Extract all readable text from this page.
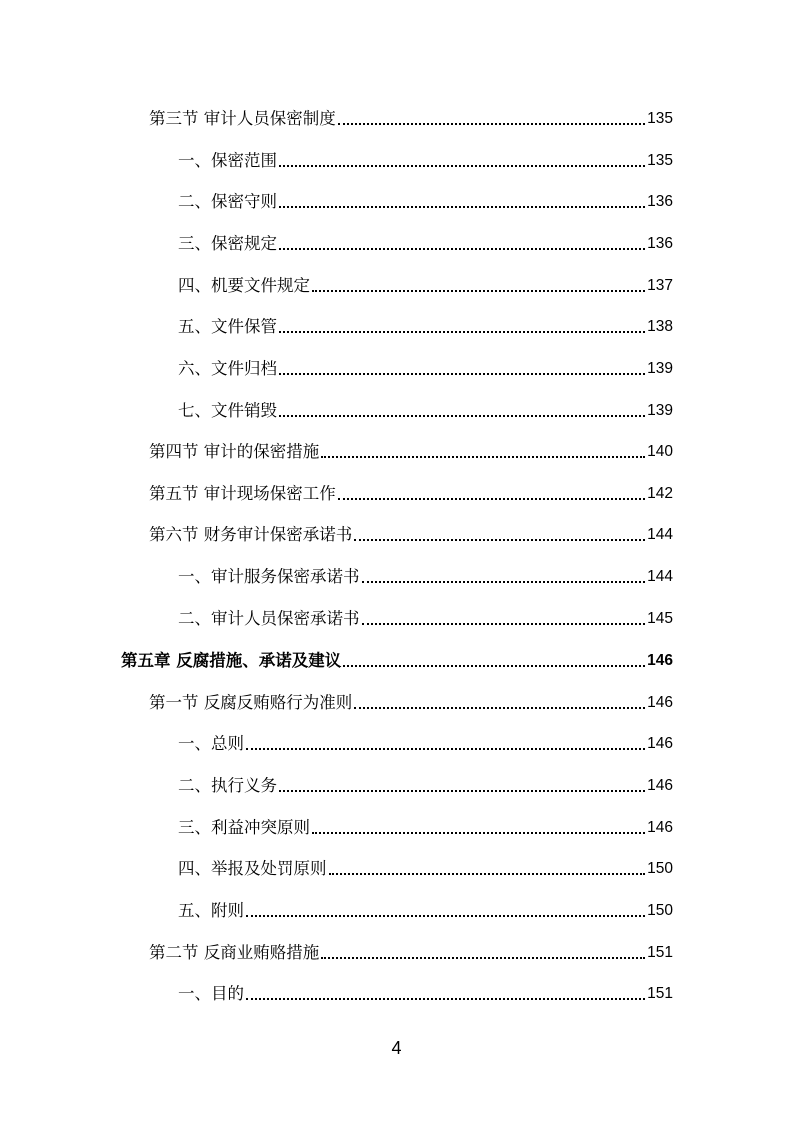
第三节 审计人员保密制度	135
一、保密范围	135
二、保密守则	136
三、保密规定	136
四、机要文件规定	137
五、文件保管	138
六、文件归档	139
七、文件销毁	139
第四节 审计的保密措施	140
第五节 审计现场保密工作	142
第六节 财务审计保密承诺书	144
一、审计服务保密承诺书	144
二、审计人员保密承诺书	145
第五章 反腐措施、承诺及建议	146
第一节 反腐反贿赂行为准则	146
一、总则	146
二、执行义务	146
三、利益冲突原则	146
四、举报及处罚原则	150
五、附则	150
第二节 反商业贿赂措施	151
一、目的	151
4
